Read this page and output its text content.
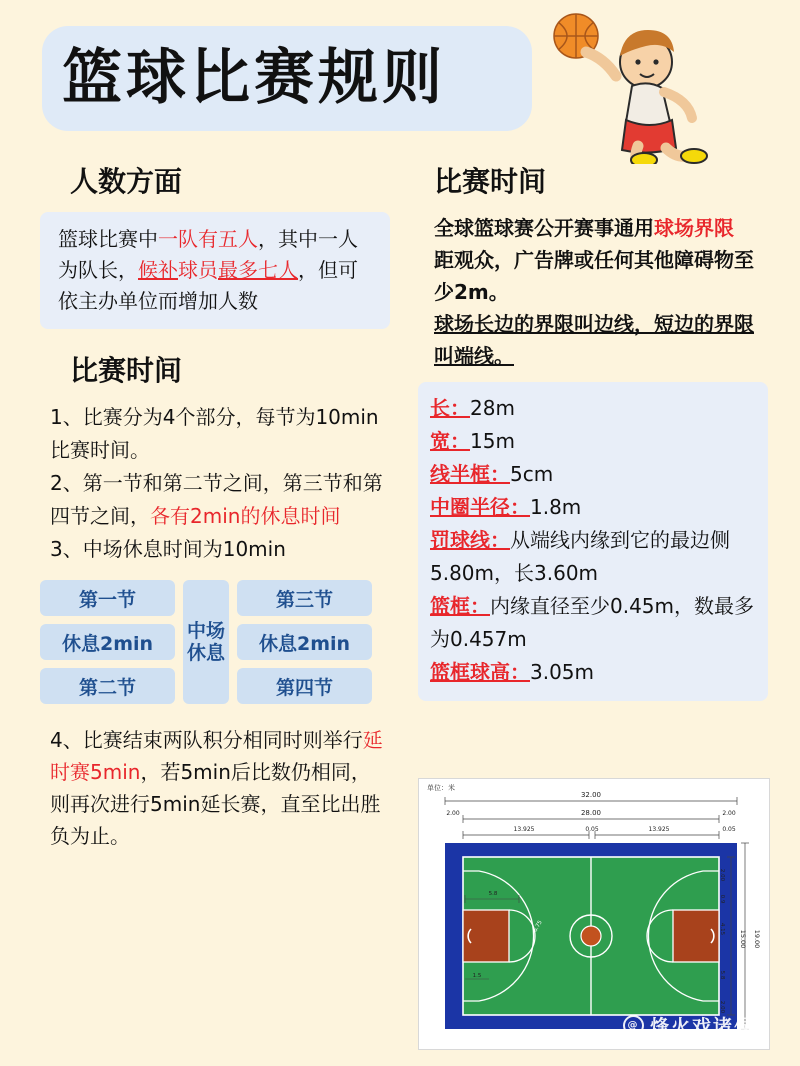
篮球比赛规则
人数方面
篮球比赛中一队有五人，其中一人为队长，候补球员最多七人，但可依主办单位而增加人数
比赛时间
1、比赛分为4个部分，每节为10min比赛时间。
2、第一节和第二节之间，第三节和第四节之间，各有2min的休息时间
3、中场休息时间为10min
第一节
休息2min
第二节
中场休息
第三节
休息2min
第四节
4、比赛结束两队积分相同时则举行延时赛5min，若5min后比数仍相同，则再次进行5min延长赛，直至比出胜负为止。
比赛时间
全球篮球赛公开赛事通用球场界限
距观众，广告牌或任何其他障碍物至少2m。
球场长边的界限叫边线，短边的界限叫端线。
长：28m
宽：15m
线半框：5cm
中圈半径：1.8m
罚球线：从端线内缘到它的最边侧5.80m，长3.60m
篮框：内缘直径至少0.45m，数最多为0.457m
篮框球高：3.05m
单位：米
32.00
28.00
2.00	2.00
13.925	0.05	13.925	0.05
19.00
15.00
2.00
0.9
4.15
5.8
2.00
5.8
1.5
6.75
@ 烽火戏诸侯
